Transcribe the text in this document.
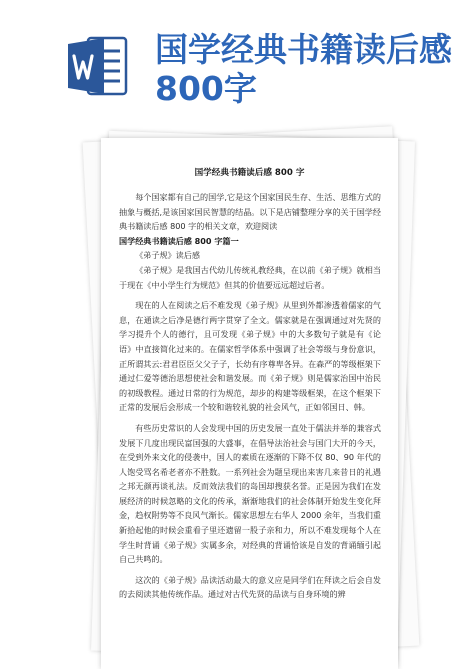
国学经典书籍读后感800字
国学经典书籍读后感 800 字

每个国家都有自己的国学,它是这个国家国民生存、生活、思维方式的抽象与概括,是该国家国民智慧的结晶。以下是店铺整理分享的关于国学经典书籍读后感 800 字的相关文章，欢迎阅读

国学经典书籍读后感 800 字篇一

《弟子规》读后感

《弟子规》是我国古代幼儿传统礼教经典，在以前《弟子规》就相当于现在《中小学生行为规范》但其的价值要远远超过后者。

现在的人在阅读之后不难发现《弟子规》从里到外都渗透着儒家的气息，在通读之后净是德行两字贯穿了全文。儒家就是在强调通过对先贤的学习提升个人的德行，且可发现《弟子规》中的大多数句子就是有《论语》中直接简化过来的。在儒家哲学体系中强调了社会等级与身份意识，正所谓其云:君君臣臣父父子子，长幼有序尊卑各异。在森严的等级框架下通过仁爱等德治思想使社会和谐发展。而《弟子规》则是儒家治国中治民的初级教程。通过日常的行为规范，却步的构建等级框架，在这个框架下正常的发展后会形成一个较和谐较礼貌的社会风气，正如邻国日、韩。

有些历史常识的人会发现中国的历史发展一直处于儒法并举的兼容式发展下几度出现民富国强的大盛事，在倡导法治社会与国门大开的今天，在受到外来文化的侵袭中，国人的素质在逐渐的下降不仅 80、90 年代的人饱受骂名希老者亦不胜数。一系列社会为题呈现出来害几来昔日的礼遇之邦无颜再谈礼法。反而效法我们的岛国却搜获名誉。正是因为我们在发展经济的时候忽略的文化的传承，渐渐地我们的社会体制开始发生变化拜金，趋权附势等不良风气渐长。儒家思想左右华人 2000 余年，当我们重新拾起他的时候会重看子里还遗留一股子亲和力，所以不难发现每个人在学生时背诵《弟子规》实属多余，对经典的背诵恰该是自发的背诵缅引起自己共鸣的。

这次的《弟子规》品读活动最大的意义应是同学们在拜读之后会自发的去阅读其他传统作品。通过对古代先贤的品读与自身环境的辨
